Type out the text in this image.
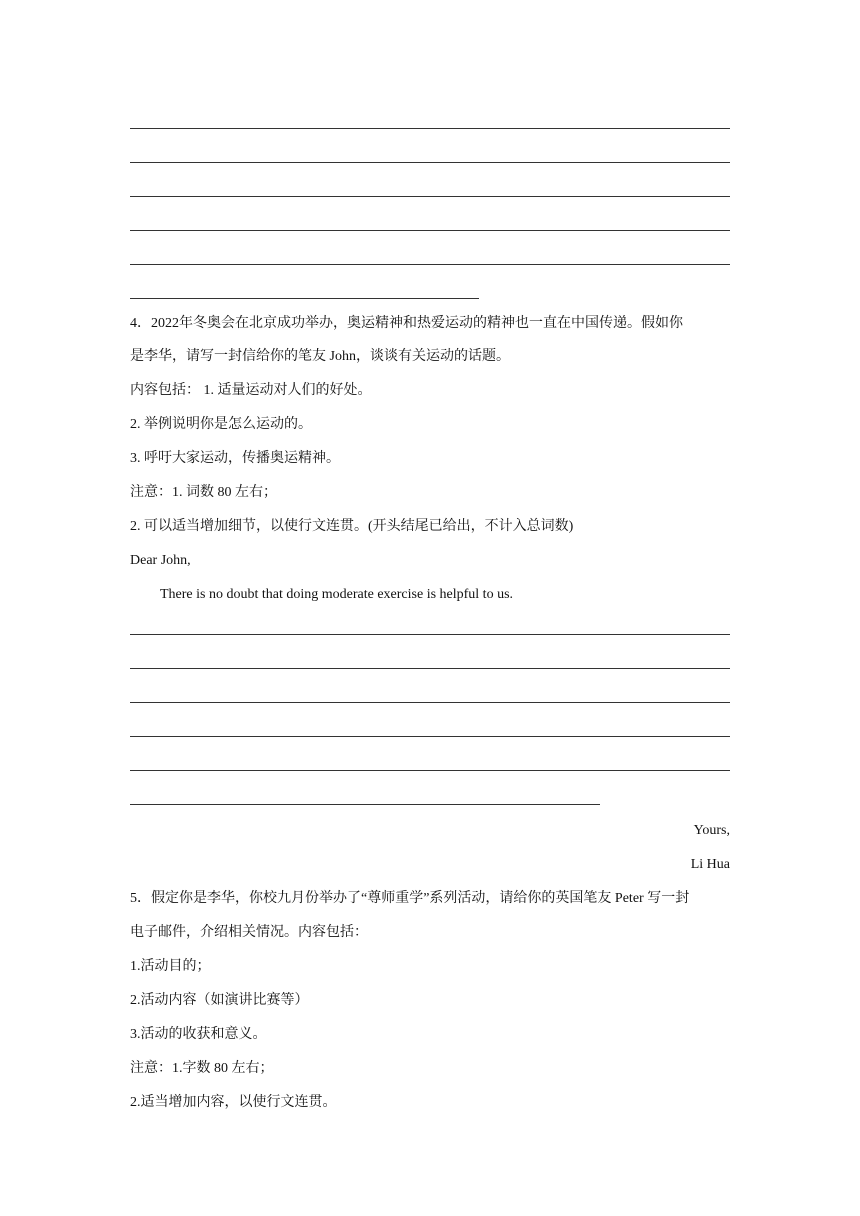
4．2022年冬奥会在北京成功举办，奥运精神和热爱运动的精神也一直在中国传递。假如你
是李华，请写一封信给你的笔友 John，谈谈有关运动的话题。
内容包括： 1. 适量运动对人们的好处。
2. 举例说明你是怎么运动的。
3. 呼吁大家运动，传播奥运精神。
注意：1. 词数 80 左右；
2. 可以适当增加细节，以使行文连贯。(开头结尾已给出，不计入总词数)
Dear John,
There is no doubt that doing moderate exercise is helpful to us.
Yours,
Li Hua
5．假定你是李华，你校九月份举办了“尊师重学”系列活动，请给你的英国笔友 Peter 写一封
电子邮件，介绍相关情况。内容包括：
1.活动目的；
2.活动内容（如演讲比赛等）
3.活动的收获和意义。
注意：1.字数 80 左右；
2.适当增加内容，以使行文连贯。
